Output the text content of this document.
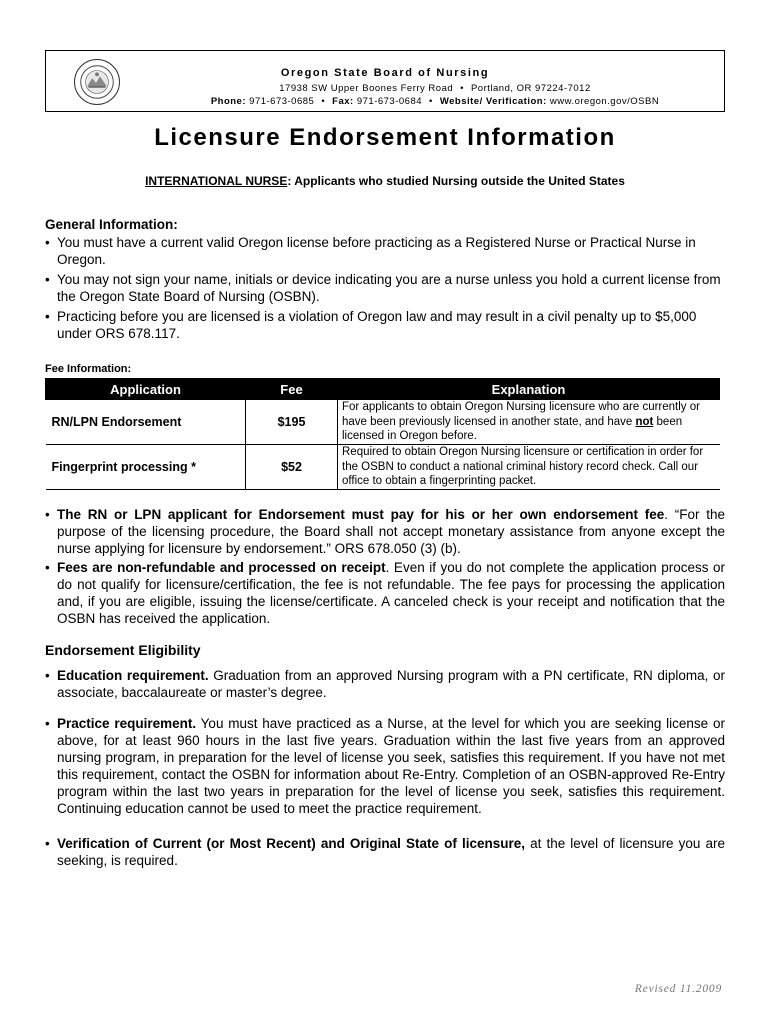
Oregon State Board of Nursing
17938 SW Upper Boones Ferry Road • Portland, OR 97224-7012
Phone: 971-673-0685 • Fax: 971-673-0684 • Website/ Verification: www.oregon.gov/OSBN
Licensure Endorsement Information
INTERNATIONAL NURSE: Applicants who studied Nursing outside the United States
General Information:
• You must have a current valid Oregon license before practicing as a Registered Nurse or Practical Nurse in Oregon.
• You may not sign your name, initials or device indicating you are a nurse unless you hold a current license from the Oregon State Board of Nursing (OSBN).
• Practicing before you are licensed is a violation of Oregon law and may result in a civil penalty up to $5,000 under ORS 678.117.
Fee Information:
Application	Fee	Explanation
RN/LPN Endorsement	$195	For applicants to obtain Oregon Nursing licensure who are currently or have been previously licensed in another state, and have not been licensed in Oregon before.
Fingerprint processing *	$52	Required to obtain Oregon Nursing licensure or certification in order for the OSBN to conduct a national criminal history record check. Call our office to obtain a fingerprinting packet.
• The RN or LPN applicant for Endorsement must pay for his or her own endorsement fee. “For the purpose of the licensing procedure, the Board shall not accept monetary assistance from anyone except the nurse applying for licensure by endorsement.” ORS 678.050 (3) (b).
• Fees are non-refundable and processed on receipt. Even if you do not complete the application process or do not qualify for licensure/certification, the fee is not refundable. The fee pays for processing the application and, if you are eligible, issuing the license/certificate. A canceled check is your receipt and notification that the OSBN has received the application.
Endorsement Eligibility
• Education requirement. Graduation from an approved Nursing program with a PN certificate, RN diploma, or associate, baccalaureate or master’s degree.
• Practice requirement. You must have practiced as a Nurse, at the level for which you are seeking license or above, for at least 960 hours in the last five years. Graduation within the last five years from an approved nursing program, in preparation for the level of license you seek, satisfies this requirement. If you have not met this requirement, contact the OSBN for information about Re-Entry. Completion of an OSBN-approved Re-Entry program within the last two years in preparation for the level of license you seek, satisfies this requirement. Continuing education cannot be used to meet the practice requirement.
• Verification of Current (or Most Recent) and Original State of licensure, at the level of licensure you are seeking, is required.
Revised 11.2009
